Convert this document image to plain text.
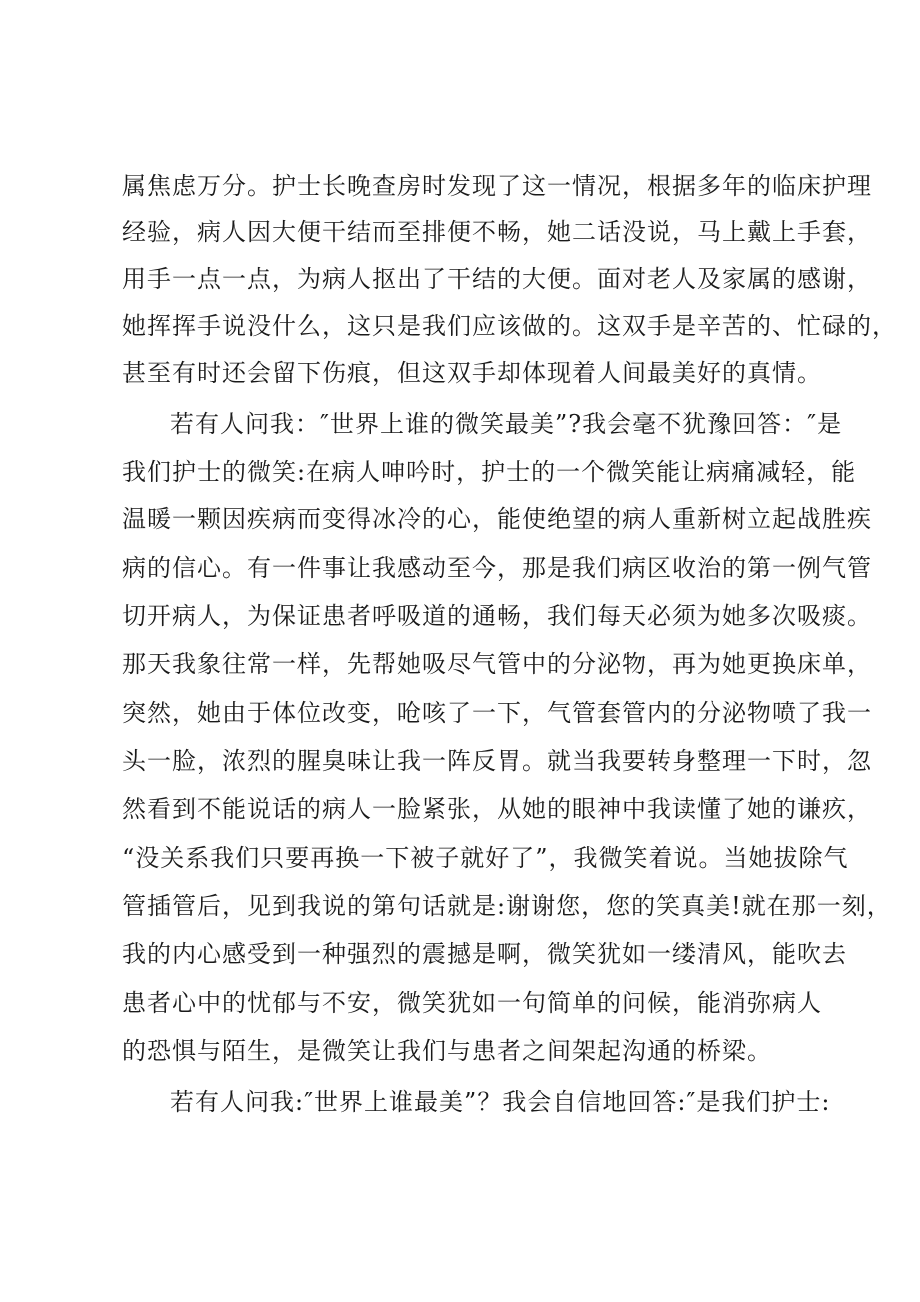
属焦虑万分。护士长晚查房时发现了这一情况，根据多年的临床护理
经验，病人因大便干结而至排便不畅，她二话没说，马上戴上手套，
用手一点一点，为病人抠出了干结的大便。面对老人及家属的感谢，
她挥挥手说没什么，这只是我们应该做的。这双手是辛苦的、忙碌的，
甚至有时还会留下伤痕，但这双手却体现着人间最美好的真情。
若有人问我：″世界上谁的微笑最美”?我会毫不犹豫回答：″是
我们护士的微笑:在病人呻吟时，护士的一个微笑能让病痛减轻，能
温暖一颗因疾病而变得冰冷的心，能使绝望的病人重新树立起战胜疾
病的信心。有一件事让我感动至今，那是我们病区收治的第一例气管
切开病人，为保证患者呼吸道的通畅，我们每天必须为她多次吸痰。
那天我象往常一样，先帮她吸尽气管中的分泌物，再为她更换床单，
突然，她由于体位改变，呛咳了一下，气管套管内的分泌物喷了我一
头一脸，浓烈的腥臭味让我一阵反胃。就当我要转身整理一下时，忽
然看到不能说话的病人一脸紧张，从她的眼神中我读懂了她的谦疚，
“没关系我们只要再换一下被子就好了”，我微笑着说。当她拔除气
管插管后，见到我说的第句话就是:谢谢您，您的笑真美!就在那一刻，
我的内心感受到一种强烈的震撼是啊，微笑犹如一缕清风，能吹去
患者心中的忧郁与不安，微笑犹如一句简单的问候，能消弥病人
的恐惧与陌生，是微笑让我们与患者之间架起沟通的桥梁。
若有人问我:″世界上谁最美”？我会自信地回答:″是我们护士:
